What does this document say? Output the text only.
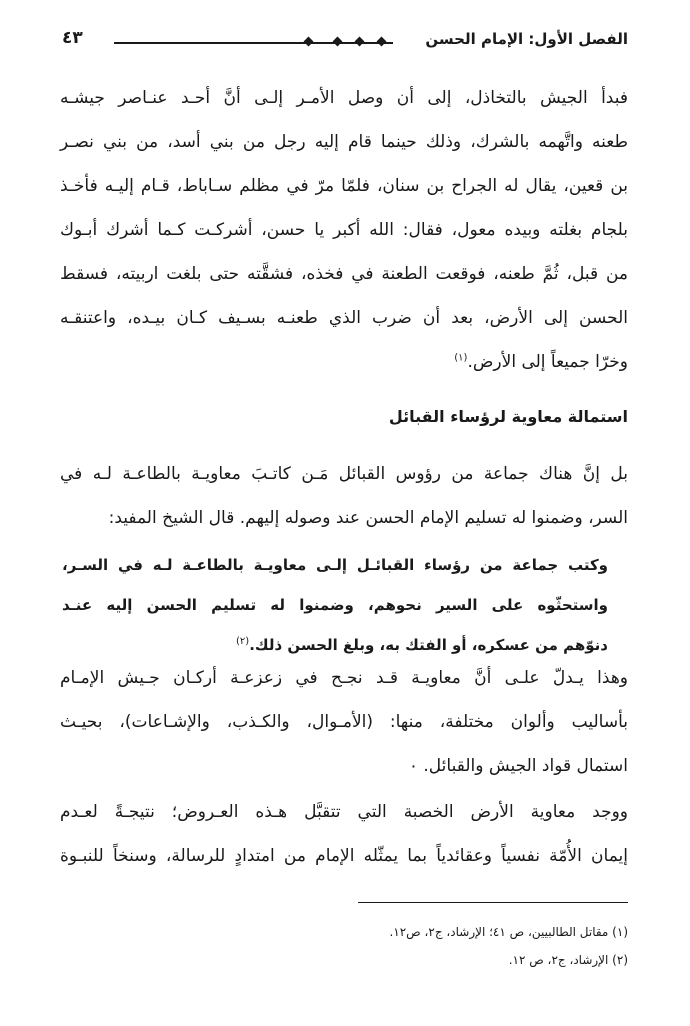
الفصل الأول: الإمام الحسن
٤٣
فبدأ الجيش بالتخاذل، إلى أن وصل الأمـر إلـى أنَّ أحـد عنـاصر جيشـه
طعنه واتَّهمه بالشرك، وذلك حينما قام إليه رجل من بني أسد، من بني نصـر
بن قعين، يقال له الجراح بن سنان، فلمّا مرّ في مظلم سـاباط، قـام إليـه فأخـذ
بلجام بغلته وبيده معول، فقال: الله أكبر يا حسن، أشركـت كـما أشرك أبـوك
من قبل، ثُمَّ طعنه، فوقعت الطعنة في فخذه، فشقَّته حتى بلغت اربيته، فسقط
الحسن إلى الأرض، بعد أن ضرب الذي طعنـه بسـيف كـان بيـده، واعتنقـه
وخرّا جميعاً إلى الأرض.$^{(١)}$
استمالة معاوية لرؤساء القبائل
بل إنَّ هناك جماعة من رؤوس القبائل مَـن كاتـبَ معاويـة بالطاعـة لـه في
السر، وضمنوا له تسليم الإمام الحسن عند وصوله إليهم. قال الشيخ المفيد:
وكتب جماعة من رؤساء القبائـل إلـى معاويـة بالطاعـة لـه في السـر،
واستحثّوه على السير نحوهم، وضمنوا له تسليم الحسن إليه عنـد
دنوّهم من عسكره، أو الفتك به، وبلغ الحسن ذلك.$^{(٢)}$
وهذا يـدلّ علـى أنَّ معاويـة قـد نجـح في زعزعـة أركـان جـيش الإمـام
بأساليب وألوان مختلفة، منها: (الأمـوال، والكـذب، والإشـاعات)، بحيـث
استمال قواد الجيش والقبائل. ٠
ووجد معاوية الأرض الخصبة التي تتقبَّل هـذه العـروض؛ نتيجـةً لعـدم
إيمان الأُمّة نفسياً وعقائدياً بما يمثّله الإمام من امتدادٍ للرسالة، وسنخاً للنبـوة
(١) مقاتل الطالبيين، ص ٤١؛ الإرشاد، ج٢، ص١٢.
(٢) الإرشاد، ج٢، ص ١٢.
